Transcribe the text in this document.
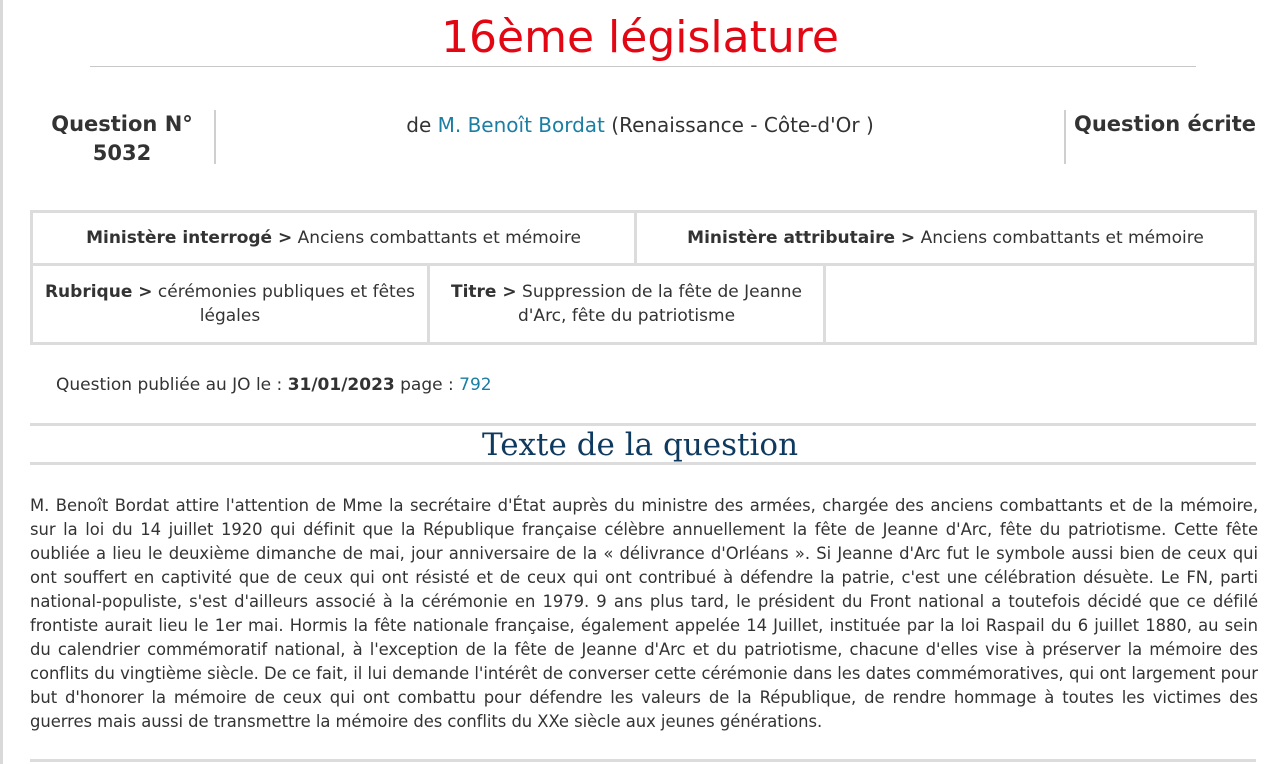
16ème législature
Question N°
5032
de M. Benoît Bordat (Renaissance - Côte-d'Or )	Question écrite
Ministère interrogé > Anciens combattants et mémoire	Ministère attributaire > Anciens combattants et mémoire
Rubrique > cérémonies publiques et fêtes légales
Titre > Suppression de la fête de Jeanne d'Arc, fête du patriotisme
Question publiée au JO le : 31/01/2023 page : 792
Texte de la question

M. Benoît Bordat attire l'attention de Mme la secrétaire d'État auprès du ministre des armées, chargée des anciens combattants et de la mémoire, sur la loi du 14 juillet 1920 qui définit que la République française célèbre annuellement la fête de Jeanne d'Arc, fête du patriotisme. Cette fête oubliée a lieu le deuxième dimanche de mai, jour anniversaire de la « délivrance d'Orléans ». Si Jeanne d'Arc fut le symbole aussi bien de ceux qui ont souffert en captivité que de ceux qui ont résisté et de ceux qui ont contribué à défendre la patrie, c'est une célébration désuète. Le FN, parti national-populiste, s'est d'ailleurs associé à la cérémonie en 1979. 9 ans plus tard, le président du Front national a toutefois décidé que ce défilé frontiste aurait lieu le 1er mai. Hormis la fête nationale française, également appelée 14 Juillet, instituée par la loi Raspail du 6 juillet 1880, au sein du calendrier commémoratif national, à l'exception de la fête de Jeanne d'Arc et du patriotisme, chacune d'elles vise à préserver la mémoire des conflits du vingtième siècle. De ce fait, il lui demande l'intérêt de converser cette cérémonie dans les dates commémoratives, qui ont largement pour but d'honorer la mémoire de ceux qui ont combattu pour défendre les valeurs de la République, de rendre hommage à toutes les victimes des guerres mais aussi de transmettre la mémoire des conflits du XXe siècle aux jeunes générations.
